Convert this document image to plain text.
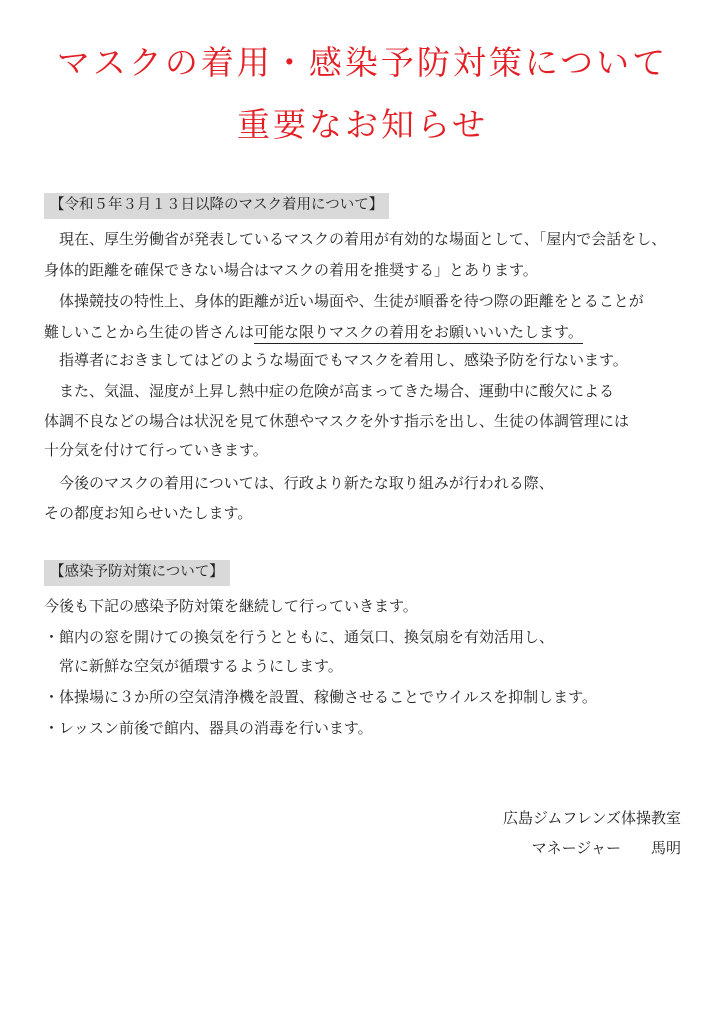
マスクの着用・感染予防対策について
重要なお知らせ
【令和５年３月１３日以降のマスク着用について】
現在、厚生労働省が発表しているマスクの着用が有効的な場面として、「屋内で会話をし、
身体的距離を確保できない場合はマスクの着用を推奨する」とあります。
体操競技の特性上、身体的距離が近い場面や、生徒が順番を待つ際の距離をとることが
難しいことから生徒の皆さんは可能な限りマスクの着用をお願いいいたします。
指導者におきましてはどのような場面でもマスクを着用し、感染予防を行ないます。
また、気温、湿度が上昇し熱中症の危険が高まってきた場合、運動中に酸欠による
体調不良などの場合は状況を見て休憩やマスクを外す指示を出し、生徒の体調管理には
十分気を付けて行っていきます。
今後のマスクの着用については、行政より新たな取り組みが行われる際、
その都度お知らせいたします。
【感染予防対策について】
今後も下記の感染予防対策を継続して行っていきます。
・館内の窓を開けての換気を行うとともに、通気口、換気扇を有効活用し、
常に新鮮な空気が循環するようにします。
・体操場に３か所の空気清浄機を設置、稼働させることでウイルスを抑制します。
・レッスン前後で館内、器具の消毒を行います。
広島ジムフレンズ体操教室
マネージャー　　馬明
